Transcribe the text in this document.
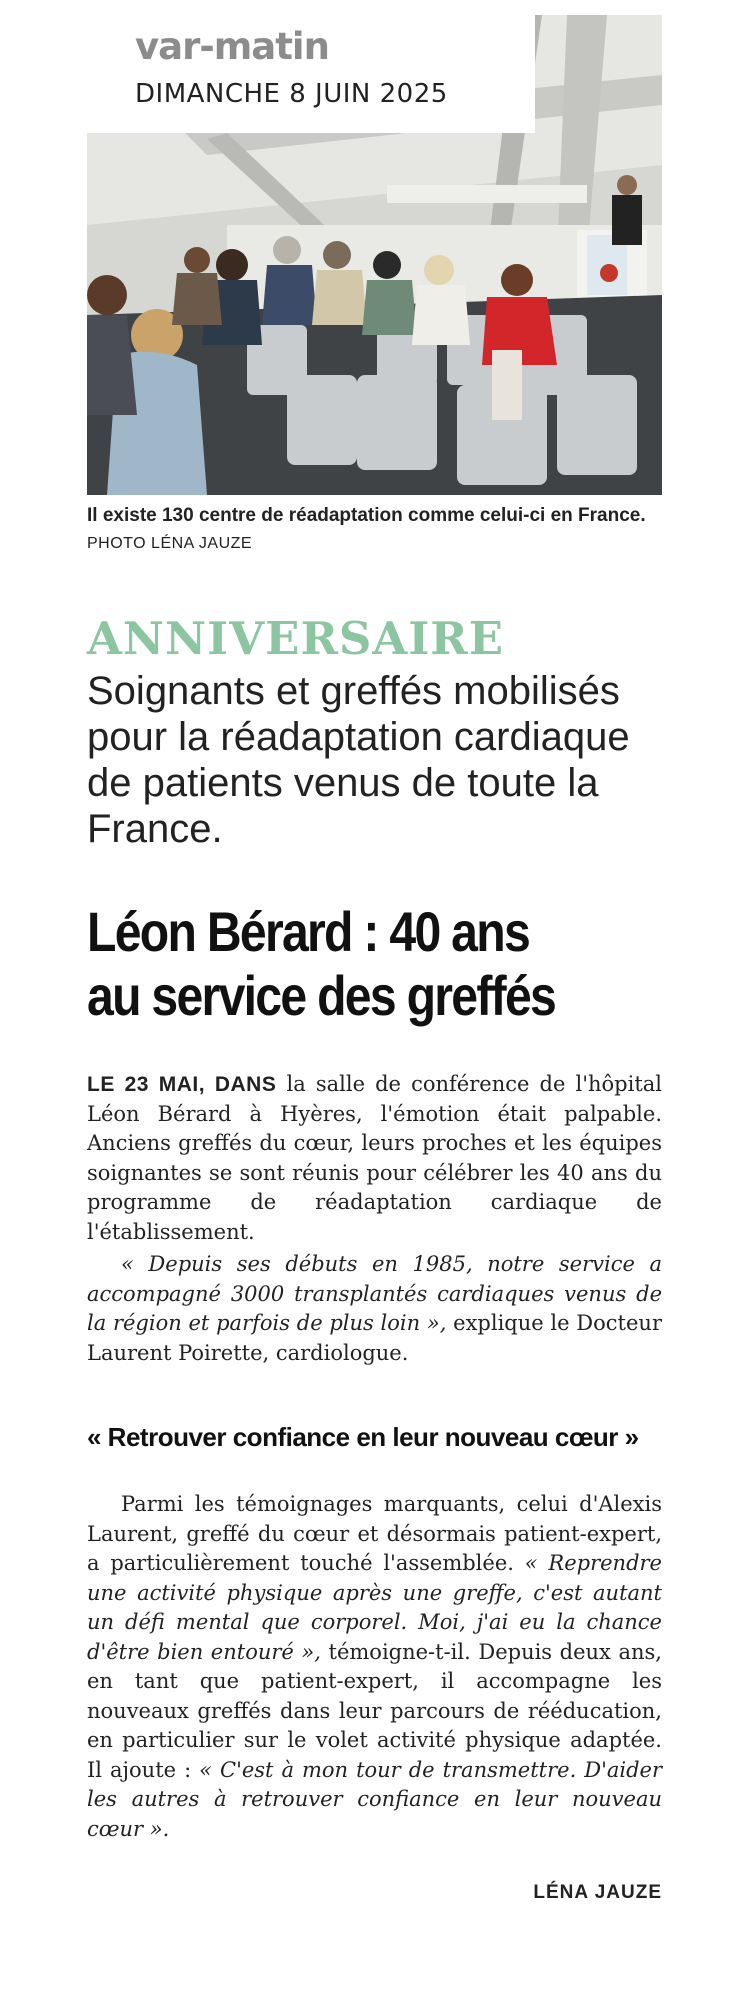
var-matin
DIMANCHE 8 JUIN 2025
Il existe 130 centre de réadaptation comme celui-ci en France. PHOTO LÉNA JAUZE
ANNIVERSAIRE
Soignants et greffés mobilisés pour la réadaptation cardiaque de patients venus de toute la France.
Léon Bérard : 40 ans
au service des greffés

LE 23 MAI, DANS la salle de conférence de l'hôpital Léon Bérard à Hyères, l'émotion était palpable. Anciens greffés du cœur, leurs proches et les équipes soignantes se sont réunis pour célébrer les 40 ans du programme de réadaptation cardiaque de l'établissement.

« Depuis ses débuts en 1985, notre service a accompagné 3000 transplantés cardiaques venus de la région et parfois de plus loin », explique le Docteur Laurent Poirette, cardiologue.

« Retrouver confiance en leur nouveau cœur »

Parmi les témoignages marquants, celui d'Alexis Laurent, greffé du cœur et désormais patient-expert, a particulièrement touché l'assemblée. « Reprendre une activité physique après une greffe, c'est autant un défi mental que corporel. Moi, j'ai eu la chance d'être bien entouré », témoigne-t-il. Depuis deux ans, en tant que patient-expert, il accompagne les nouveaux greffés dans leur parcours de rééducation, en particulier sur le volet activité physique adaptée. Il ajoute : « C'est à mon tour de transmettre. D'aider les autres à retrouver confiance en leur nouveau cœur ».

LÉNA JAUZE
